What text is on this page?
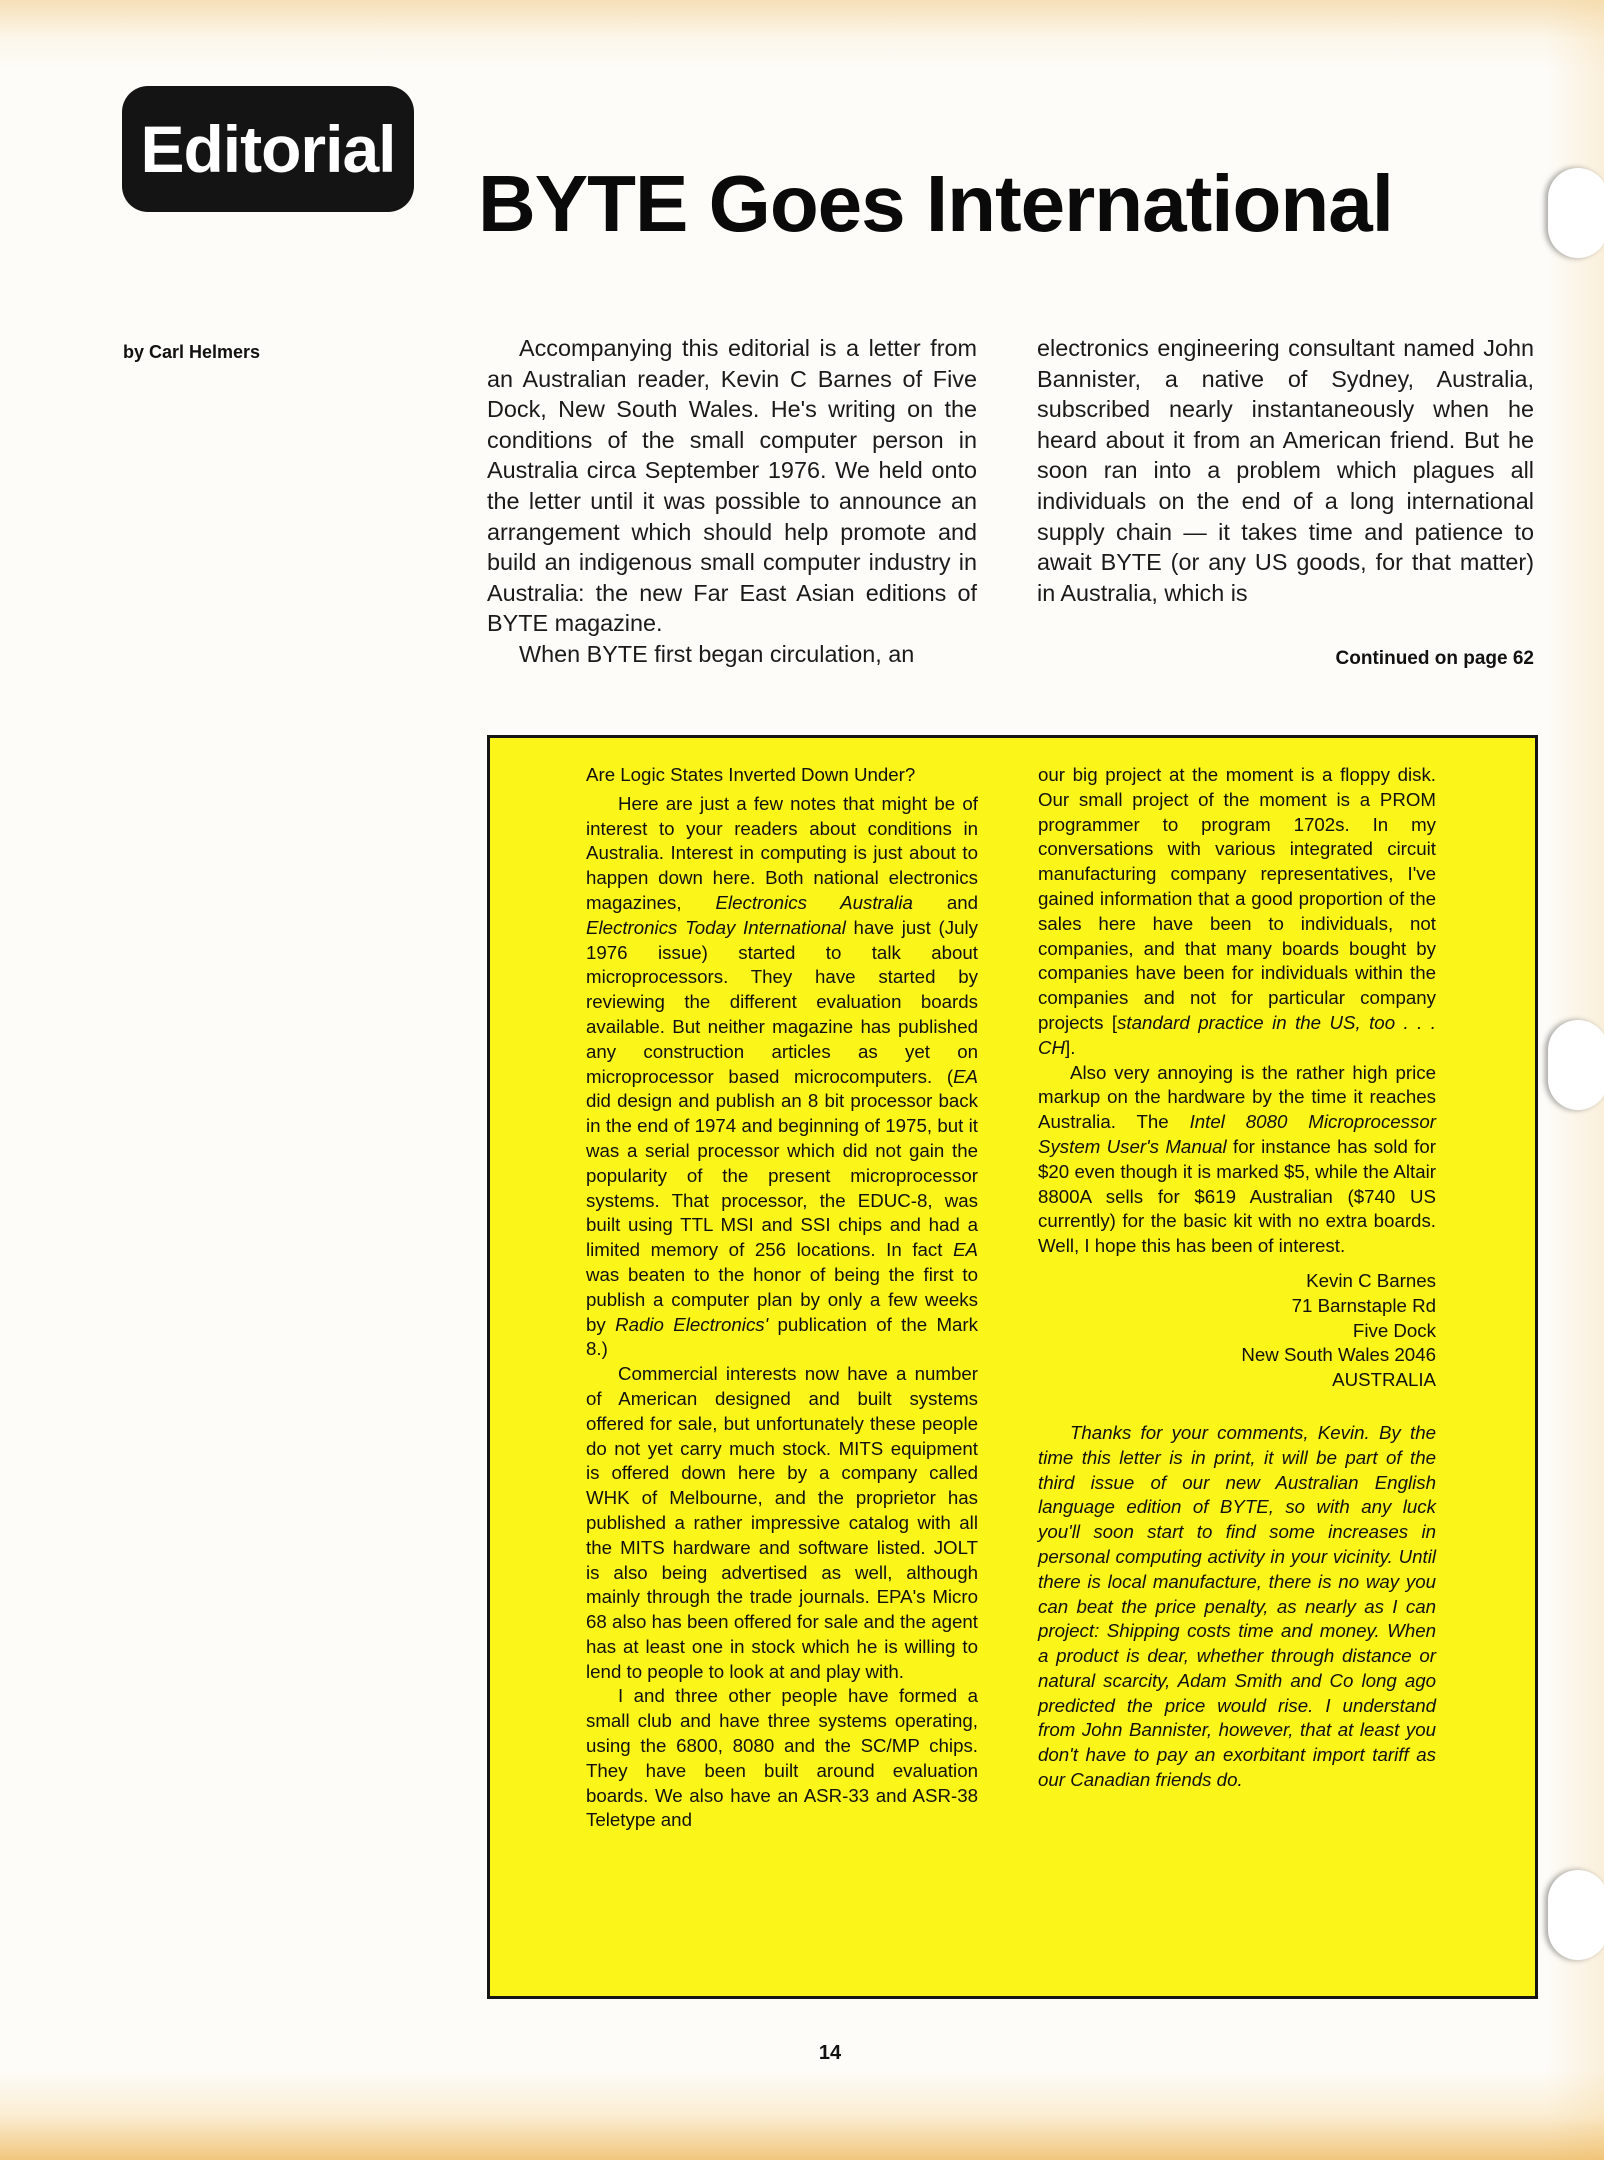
Editorial
BYTE Goes International
by Carl Helmers	Accompanying this editorial is a letter from an Australian reader, Kevin C Barnes of Five Dock, New South Wales. He's writing on the conditions of the small computer person in Australia circa September 1976. We held onto the letter until it was possible to announce an arrangement which should help promote and build an indigenous small computer industry in Australia: the new Far East Asian editions of BYTE magazine.

When BYTE first began circulation, an

electronics engineering consultant named John Bannister, a native of Sydney, Australia, subscribed nearly instantaneously when he heard about it from an American friend. But he soon ran into a problem which plagues all individuals on the end of a long international supply chain — it takes time and patience to await BYTE (or any US goods, for that matter) in Australia, which is

Continued on page 62

Are Logic States Inverted Down Under?

Here are just a few notes that might be of interest to your readers about conditions in Australia. Interest in computing is just about to happen down here. Both national electronics magazines, Electronics Australia and Electronics Today International have just (July 1976 issue) started to talk about microprocessors. They have started by reviewing the different evaluation boards available. But neither magazine has published any construction articles as yet on microprocessor based microcomputers. (EA did design and publish an 8 bit processor back in the end of 1974 and beginning of 1975, but it was a serial processor which did not gain the popularity of the present microprocessor systems. That processor, the EDUC-8, was built using TTL MSI and SSI chips and had a limited memory of 256 locations. In fact EA was beaten to the honor of being the first to publish a computer plan by only a few weeks by Radio Electronics' publication of the Mark 8.)

Commercial interests now have a number of American designed and built systems offered for sale, but unfortunately these people do not yet carry much stock. MITS equipment is offered down here by a company called WHK of Melbourne, and the proprietor has published a rather impressive catalog with all the MITS hardware and software listed. JOLT is also being advertised as well, although mainly through the trade journals. EPA's Micro 68 also has been offered for sale and the agent has at least one in stock which he is willing to lend to people to look at and play with.

I and three other people have formed a small club and have three systems operating, using the 6800, 8080 and the SC/MP chips. They have been built around evaluation boards. We also have an ASR-33 and ASR-38 Teletype and

our big project at the moment is a floppy disk. Our small project of the moment is a PROM programmer to program 1702s. In my conversations with various integrated circuit manufacturing company representatives, I've gained information that a good proportion of the sales here have been to individuals, not companies, and that many boards bought by companies have been for individuals within the companies and not for particular company projects [standard practice in the US, too . . . CH].

Also very annoying is the rather high price markup on the hardware by the time it reaches Australia. The Intel 8080 Microprocessor System User's Manual for instance has sold for $20 even though it is marked $5, while the Altair 8800A sells for $619 Australian ($740 US currently) for the basic kit with no extra boards. Well, I hope this has been of interest.

Kevin C Barnes

71 Barnstaple Rd

Five Dock

New South Wales 2046

AUSTRALIA

Thanks for your comments, Kevin. By the time this letter is in print, it will be part of the third issue of our new Australian English language edition of BYTE, so with any luck you'll soon start to find some increases in personal computing activity in your vicinity. Until there is local manufacture, there is no way you can beat the price penalty, as nearly as I can project: Shipping costs time and money. When a product is dear, whether through distance or natural scarcity, Adam Smith and Co long ago predicted the price would rise. I understand from John Bannister, however, that at least you don't have to pay an exorbitant import tariff as our Canadian friends do.

14
